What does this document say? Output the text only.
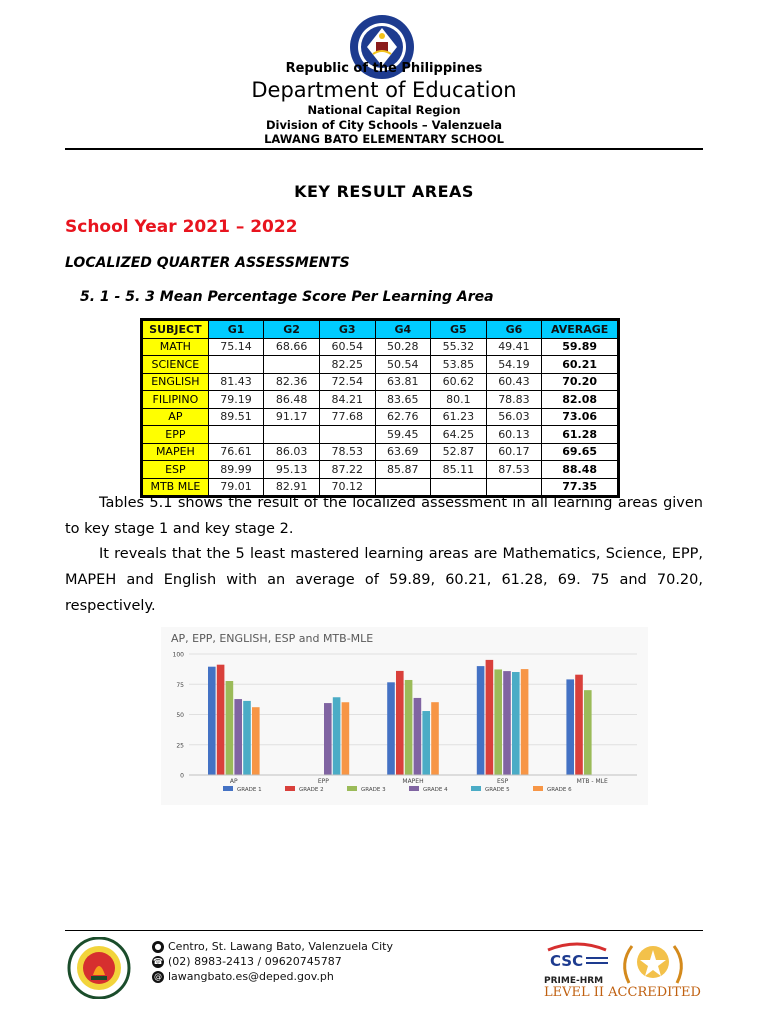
Republic of the Philippines
Department of Education
National Capital Region
Division of City Schools – Valenzuela
LAWANG BATO ELEMENTARY SCHOOL
KEY RESULT AREAS
School Year 2021 – 2022
LOCALIZED QUARTER ASSESSMENTS
5. 1 - 5. 3 Mean Percentage Score Per Learning Area
SUBJECT	G1	G2	G3	G4	G5	G6	AVERAGE
MATH	75.14	68.66	60.54	50.28	55.32	49.41	59.89
SCIENCE			82.25	50.54	53.85	54.19	60.21
ENGLISH	81.43	82.36	72.54	63.81	60.62	60.43	70.20
FILIPINO	79.19	86.48	84.21	83.65	80.1	78.83	82.08
AP	89.51	91.17	77.68	62.76	61.23	56.03	73.06
EPP				59.45	64.25	60.13	61.28
MAPEH	76.61	86.03	78.53	63.69	52.87	60.17	69.65
ESP	89.99	95.13	87.22	85.87	85.11	87.53	88.48
MTB MLE	79.01	82.91	70.12				77.35
Tables 5.1 shows the result of the localized assessment in all learning areas given to key stage 1 and key stage 2.
It reveals that the 5 least mastered learning areas are Mathematics, Science, EPP, MAPEH and English with an average of 59.89, 60.21, 61.28, 69. 75 and 70.20, respectively.
AP, EPP, ENGLISH, ESP and MTB-MLE
0
25
50
75
100
AP	EPP	MAPEH	ESP	MTB - MLE
GRADE 1	GRADE 2	GRADE 3	GRADE 4	GRADE 5	GRADE 6
● Centro, St. Lawang Bato, Valenzuela City
☎ (02) 8983-2413 / 09620745787
@ lawangbato.es@deped.gov.ph
CSC
PRIME-HRM
LEVEL II ACCREDITED
